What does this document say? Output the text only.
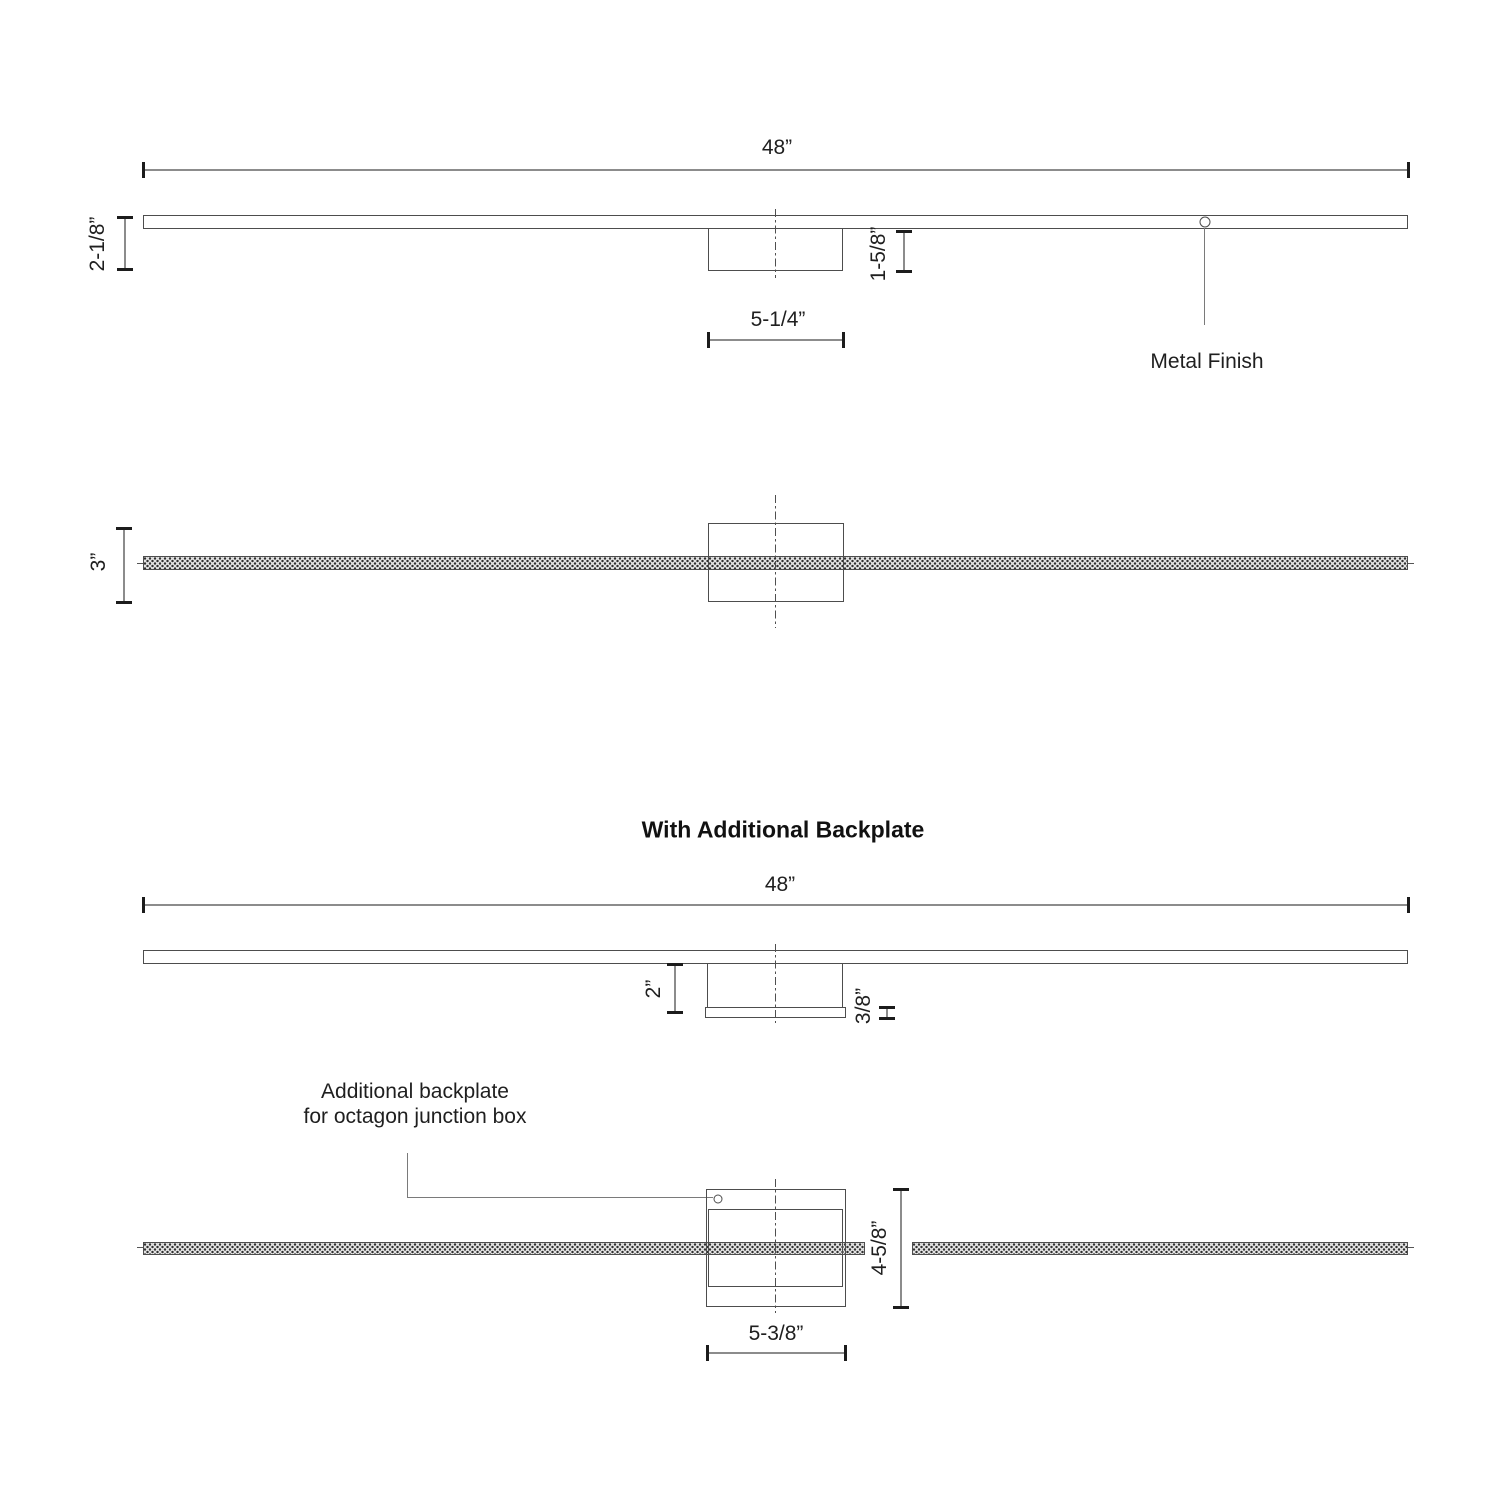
48”
2-1/8”	1-5/8”
5-1/4”
Metal Finish
3”
With Additional Backplate
48”
2”	3/8”
Additional backplate
for octagon junction box
4-5/8”
5-3/8”
